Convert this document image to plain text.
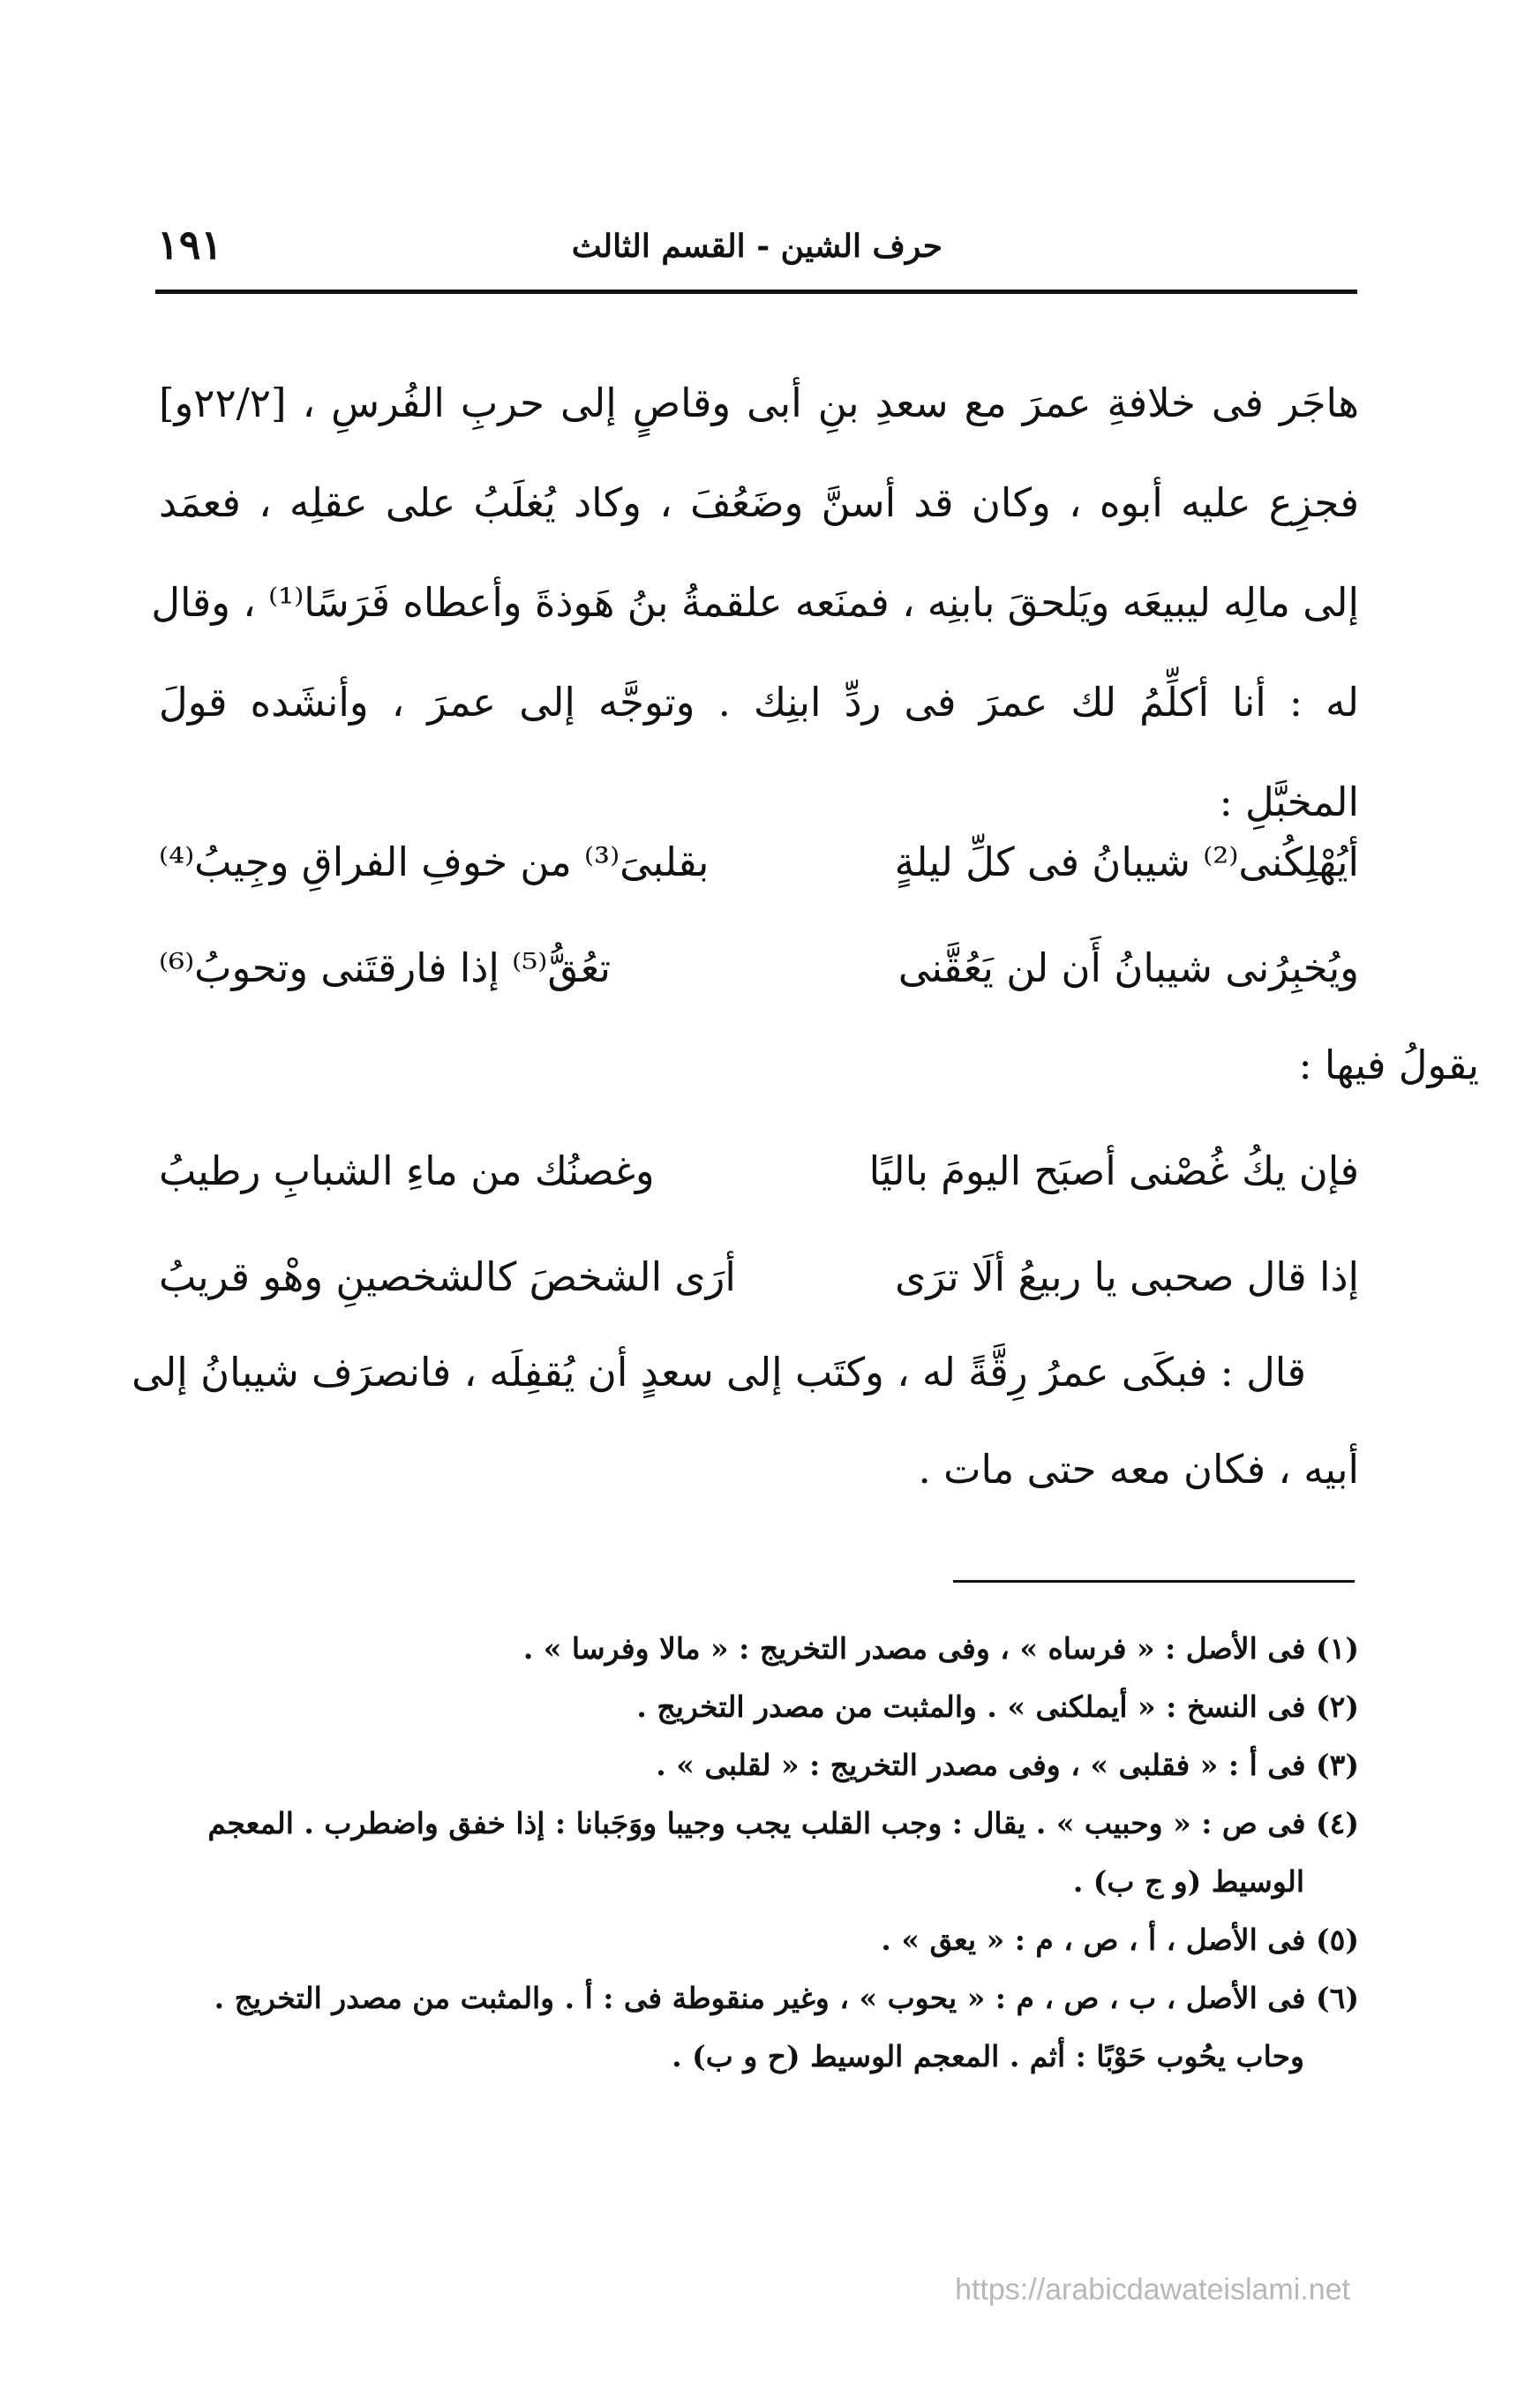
حرف الشين - القسم الثالث
١٩١
هاجَر فى خلافةِ عمرَ مع سعدِ بنِ أبى وقاصٍ إلى حربِ الفُرسِ ، [٢٢/٢و]
فجزِع عليه أبوه ، وكان قد أسنَّ وضَعُفَ ، وكاد يُغلَبُ على عقلِه ، فعمَد
إلى مالِه ليبيعَه ويَلحقَ بابنِه ، فمنَعه علقمةُ بنُ هَوذةَ وأعطاه فَرَسًا⁽¹⁾ ، وقال
له : أنا أكلِّمُ لك عمرَ فى ردِّ ابنِك . وتوجَّه إلى عمرَ ، وأنشَده قولَ
المخبَّلِ :
أيُهْلِكُنى⁽²⁾ شيبانُ فى كلِّ ليلةٍ
بقلبىَ⁽³⁾ من خوفِ الفراقِ وجِيبُ⁽⁴⁾
ويُخبِرُنى شيبانُ أَن لن يَعُقَّنى
تعُقُّ⁽⁵⁾ إذا فارقتَنى وتحوبُ⁽⁶⁾
يقولُ فيها :
فإن يكُ غُصْنى أصبَح اليومَ باليًا
وغصنُك من ماءِ الشبابِ رطيبُ
إذا قال صحبى يا ربيعُ ألَا ترَى
أرَى الشخصَ كالشخصينِ وهْو قريبُ
قال : فبكَى عمرُ رِقَّةً له ، وكتَب إلى سعدٍ أن يُقفِلَه ، فانصرَف شيبانُ إلى
أبيه ، فكان معه حتى مات .
(١) فى الأصل : « فرساه » ، وفى مصدر التخريج : « مالا وفرسا » .
(٢) فى النسخ : « أيملكنى » . والمثبت من مصدر التخريج .
(٣) فى أ : « فقلبى » ، وفى مصدر التخريج : « لقلبى » .
(٤) فى ص : « وحبيب » . يقال : وجب القلب يجب وجيبا ووَجَبانا : إذا خفق واضطرب . المعجم
الوسيط (و ج ب) .
(٥) فى الأصل ، أ ، ص ، م : « يعق » .
(٦) فى الأصل ، ب ، ص ، م : « يحوب » ، وغير منقوطة فى : أ . والمثبت من مصدر التخريج .
وحاب يحُوب حَوْبًا : أثم . المعجم الوسيط (ح و ب) .
https://arabicdawateislami.net
